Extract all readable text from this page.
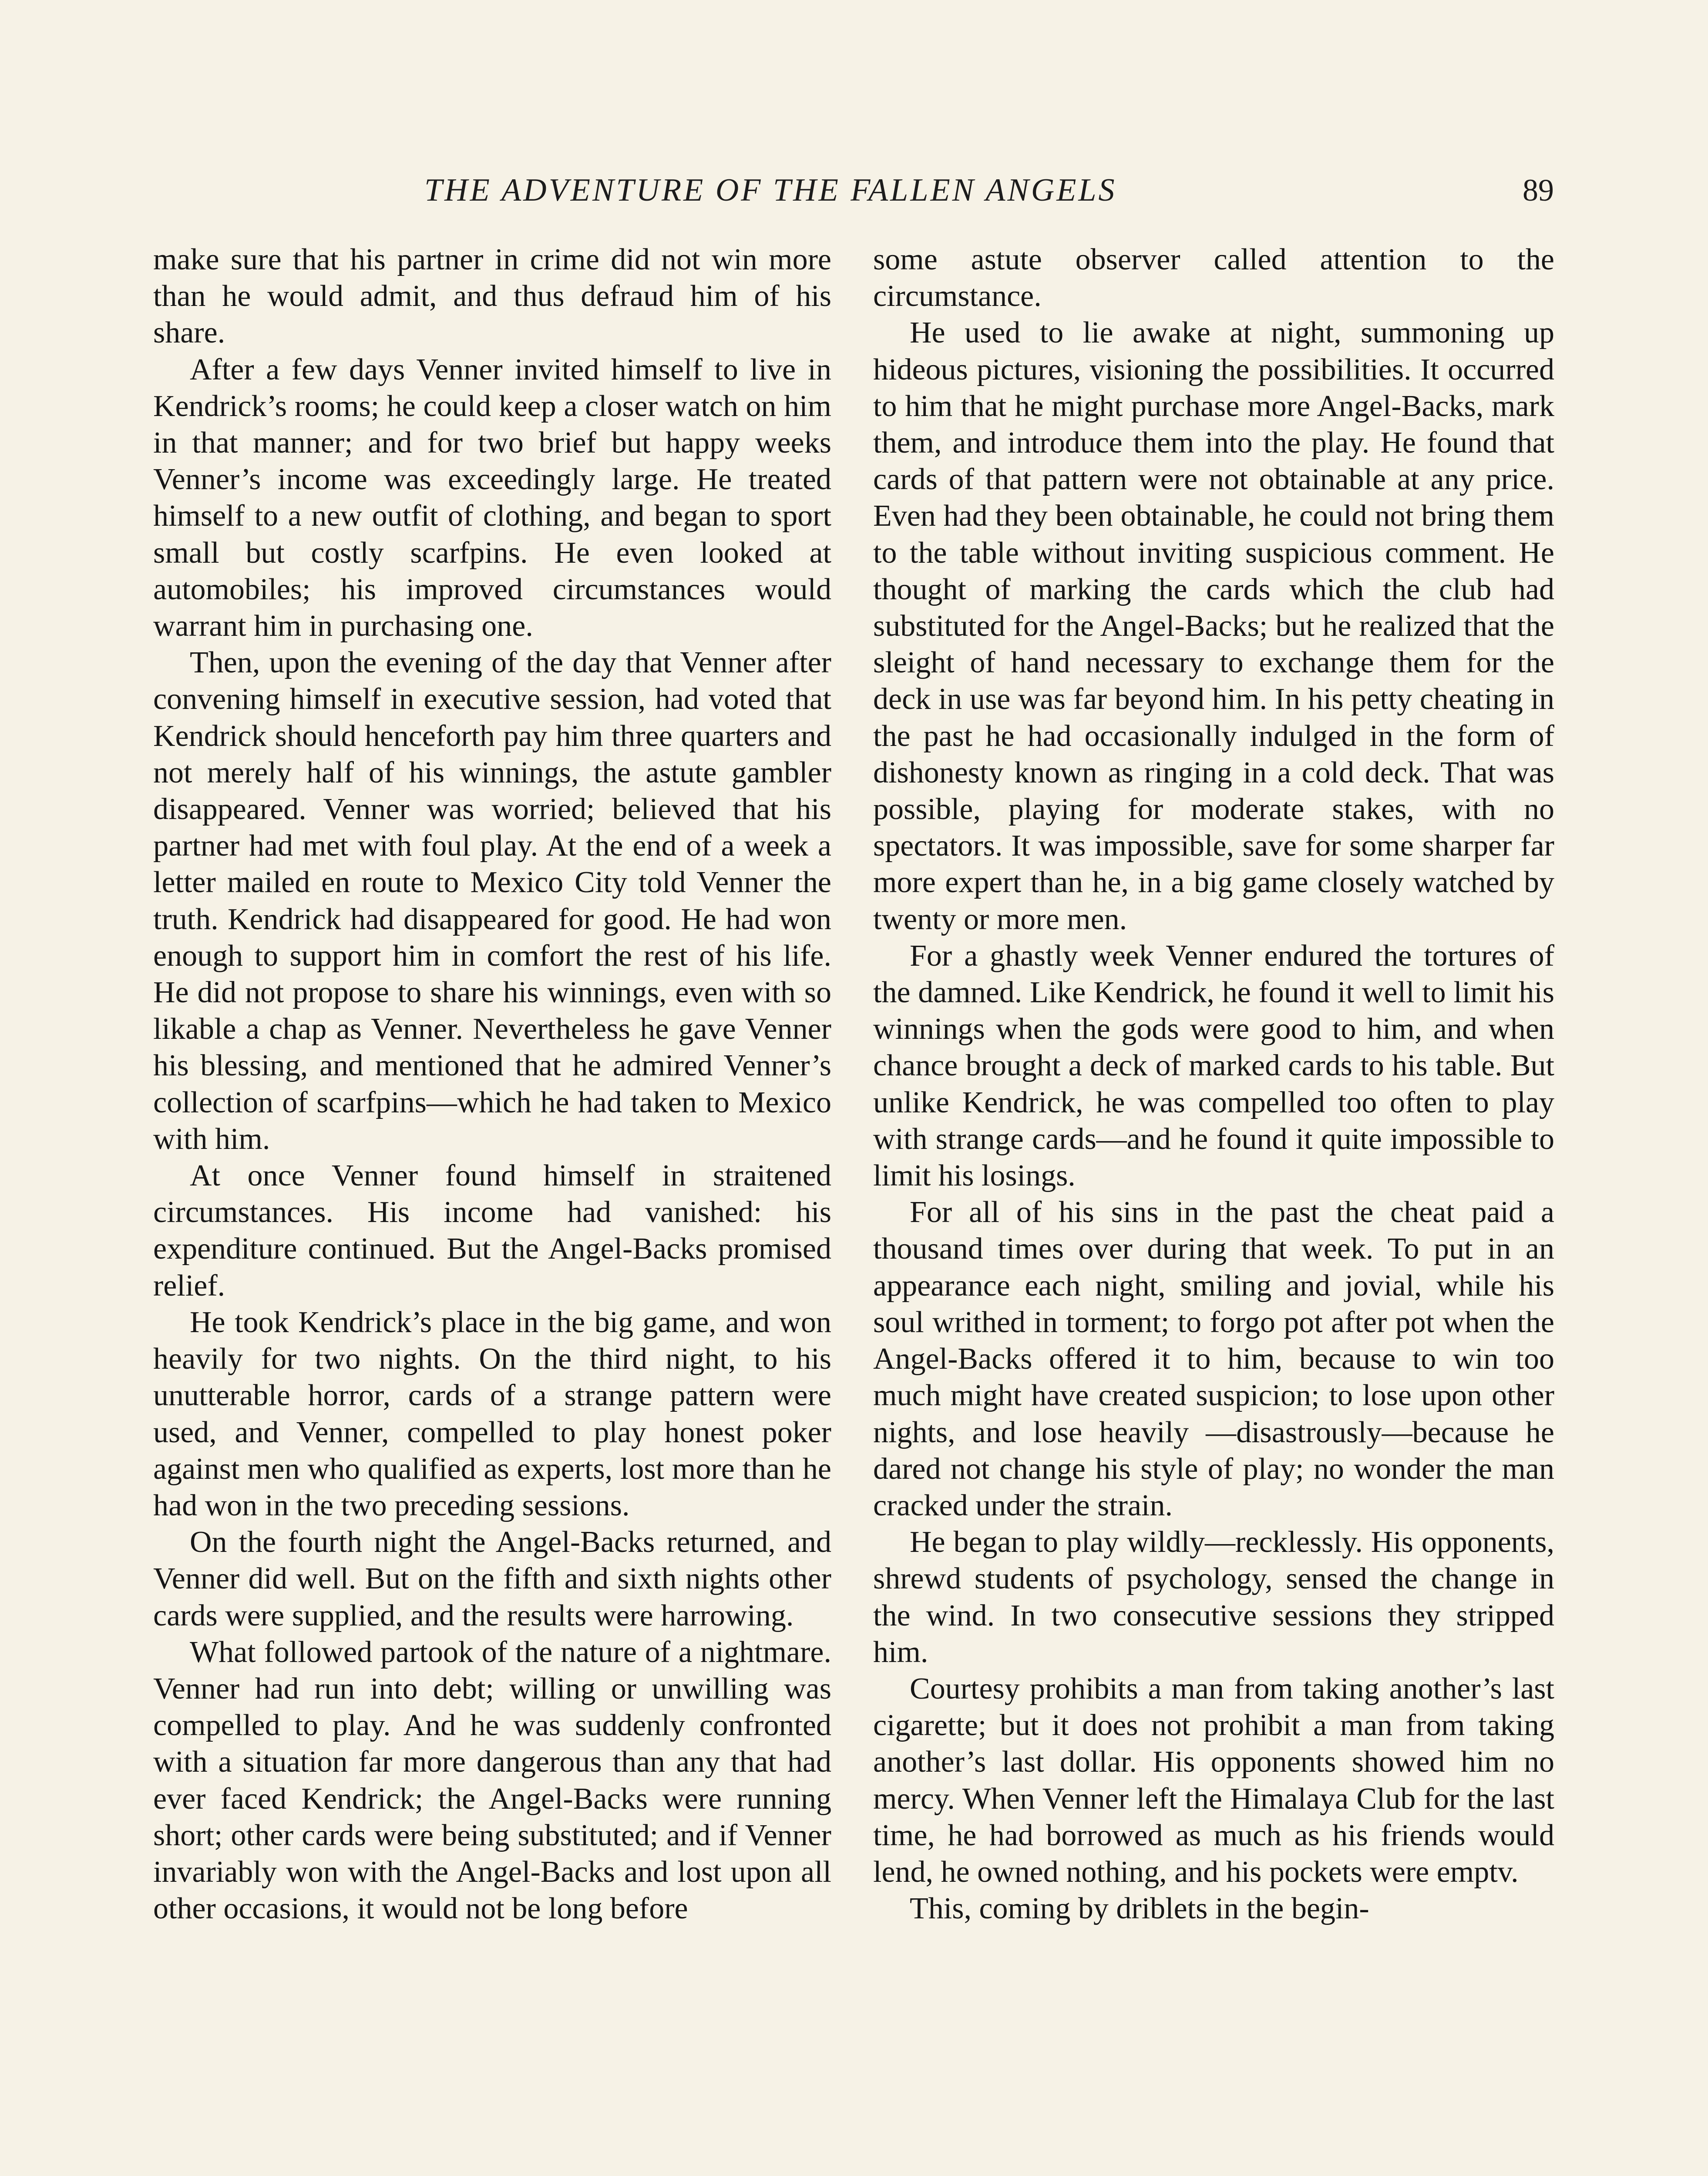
THE ADVENTURE OF THE FALLEN ANGELS	89

make sure that his partner in crime did not win more than he would admit, and thus defraud him of his share.

After a few days Venner invited himself to live in Kendrick’s rooms; he could keep a closer watch on him in that manner; and for two brief but happy weeks Venner’s income was exceedingly large. He treated himself to a new outfit of clothing, and began to sport small but costly scarfpins. He even looked at automobiles; his improved circumstances would warrant him in purchasing one.

Then, upon the evening of the day that Venner after convening himself in executive session, had voted that Kendrick should henceforth pay him three quarters and not merely half of his winnings, the astute gambler disappeared. Venner was worried; believed that his partner had met with foul play. At the end of a week a letter mailed en route to Mexico City told Venner the truth. Kendrick had disappeared for good. He had won enough to support him in comfort the rest of his life. He did not propose to share his winnings, even with so likable a chap as Venner. Nevertheless he gave Venner his blessing, and mentioned that he admired Venner’s collection of scarfpins—which he had taken to Mexico with him.

At once Venner found himself in straitened circumstances. His income had vanished: his expenditure continued. But the Angel-Backs promised relief.

He took Kendrick’s place in the big game, and won heavily for two nights. On the third night, to his unutterable horror, cards of a strange pattern were used, and Venner, compelled to play honest poker against men who qualified as experts, lost more than he had won in the two preceding sessions.

On the fourth night the Angel-Backs returned, and Venner did well. But on the fifth and sixth nights other cards were supplied, and the results were harrowing.

What followed partook of the nature of a nightmare. Venner had run into debt; willing or unwilling was compelled to play. And he was suddenly confronted with a situation far more dangerous than any that had ever faced Kendrick; the Angel-Backs were running short; other cards were being substituted; and if Venner invariably won with the Angel-Backs and lost upon all other occasions, it would not be long before

some astute observer called attention to the circumstance.

He used to lie awake at night, summoning up hideous pictures, visioning the possibilities. It occurred to him that he might purchase more Angel-Backs, mark them, and introduce them into the play. He found that cards of that pattern were not obtainable at any price. Even had they been obtainable, he could not bring them to the table without inviting suspicious comment. He thought of marking the cards which the club had substituted for the Angel-Backs; but he realized that the sleight of hand necessary to exchange them for the deck in use was far beyond him. In his petty cheating in the past he had occasionally indulged in the form of dishonesty known as ringing in a cold deck. That was possible, playing for moderate stakes, with no spectators. It was impossible, save for some sharper far more expert than he, in a big game closely watched by twenty or more men.

For a ghastly week Venner endured the tortures of the damned. Like Kendrick, he found it well to limit his winnings when the gods were good to him, and when chance brought a deck of marked cards to his table. But unlike Kendrick, he was compelled too often to play with strange cards—and he found it quite impossible to limit his losings.

For all of his sins in the past the cheat paid a thousand times over during that week. To put in an appearance each night, smiling and jovial, while his soul writhed in torment; to forgo pot after pot when the Angel-Backs offered it to him, because to win too much might have created suspicion; to lose upon other nights, and lose heavily —disastrously—because he dared not change his style of play; no wonder the man cracked under the strain.

He began to play wildly—recklessly. His opponents, shrewd students of psychology, sensed the change in the wind. In two consecutive sessions they stripped him.

Courtesy prohibits a man from taking another’s last cigarette; but it does not prohibit a man from taking another’s last dollar. His opponents showed him no mercy. When Venner left the Himalaya Club for the last time, he had borrowed as much as his friends would lend, he owned nothing, and his pockets were emptv.

This, coming by driblets in the begin-
